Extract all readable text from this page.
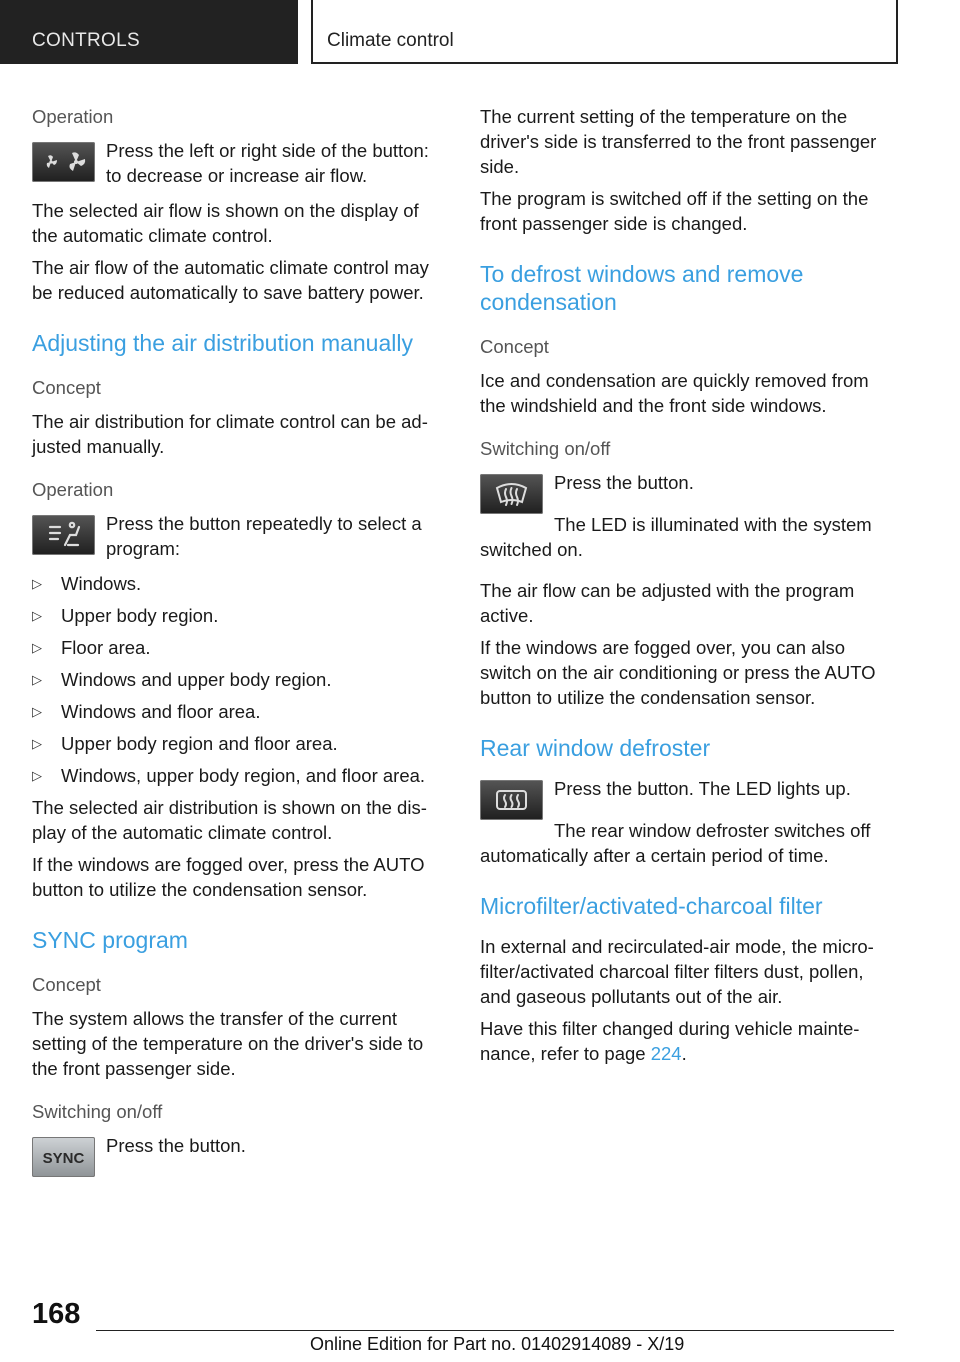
CONTROLS	Climate control
Operation
Press the left or right side of the button: to decrease or increase air flow.

The selected air flow is shown on the display of the automatic climate control.

The air flow of the automatic climate control may be reduced automatically to save battery power.

Adjusting the air distribution manually
Concept

The air distribution for climate control can be ad‐justed manually.

Operation
Press the button repeatedly to select a program:
▷ Windows.
▷ Upper body region.
▷ Floor area.
▷ Windows and upper body region.
▷ Windows and floor area.
▷ Upper body region and floor area.
▷ Windows, upper body region, and floor area.

The selected air distribution is shown on the dis‐play of the automatic climate control.

If the windows are fogged over, press the AUTO button to utilize the condensation sensor.

SYNC program
Concept

The system allows the transfer of the current setting of the temperature on the driver's side to the front passenger side.

Switching on/off
SYNC
Press the button.

The current setting of the temperature on the driver's side is transferred to the front passenger side.

The program is switched off if the setting on the front passenger side is changed.

To defrost windows and remove condensation
Concept

Ice and condensation are quickly removed from the windshield and the front side windows.

Switching on/off

Press the button.

The LED is illuminated with the system switched on.

The air flow can be adjusted with the program active.

If the windows are fogged over, you can also switch on the air conditioning or press the AUTO button to utilize the condensation sensor.

Rear window defroster

Press the button. The LED lights up.

The rear window defroster switches off automatically after a certain period of time.

Microfilter/activated-charcoal filter

In external and recirculated-air mode, the micro‐filter/activated charcoal filter filters dust, pollen, and gaseous pollutants out of the air.

Have this filter changed during vehicle mainte‐nance, refer to page 224.

168
Online Edition for Part no. 01402914089 - X/19
